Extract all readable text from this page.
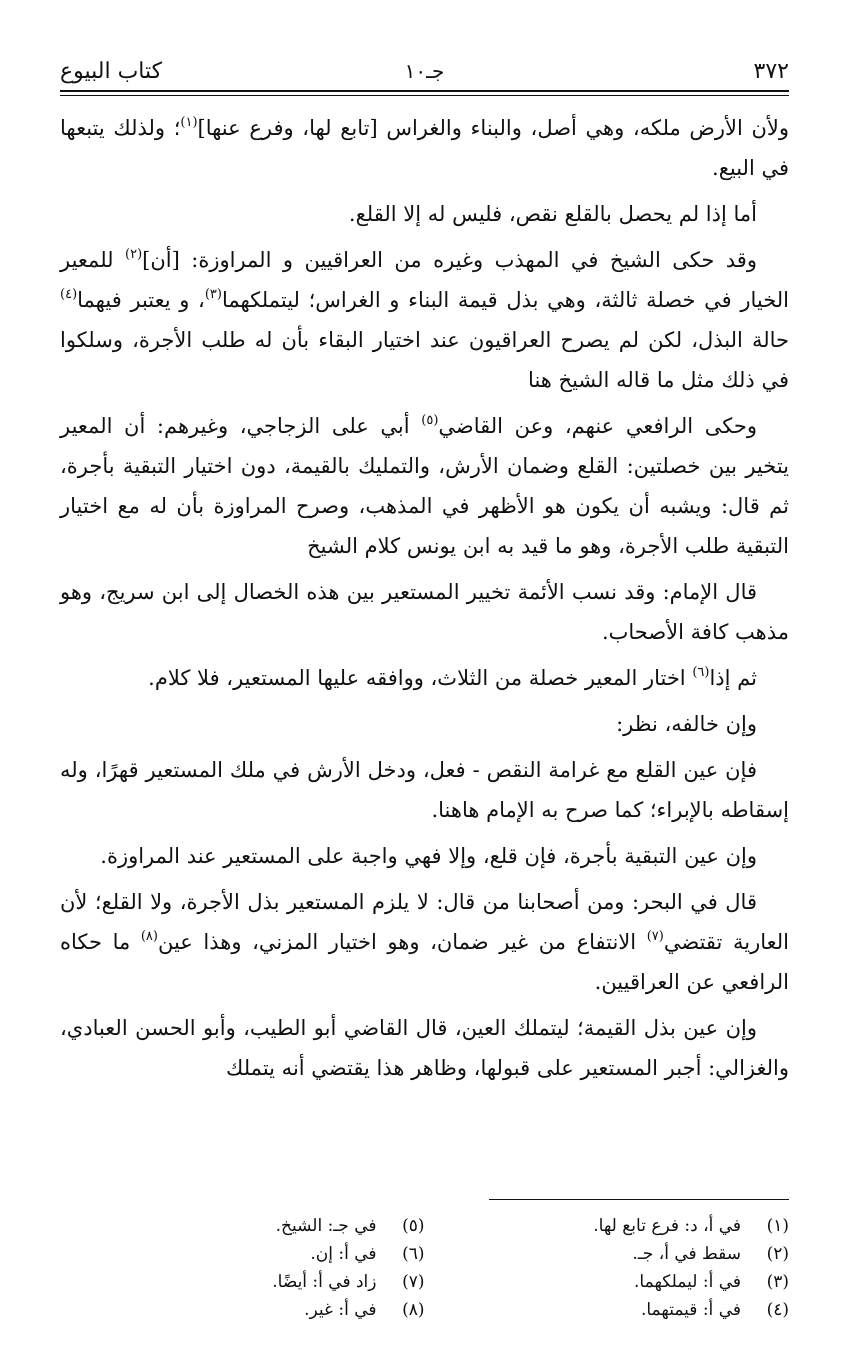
٣٧٢
جـ١٠
كتاب البيوع

ولأن الأرض ملكه، وهي أصل، والبناء والغراس [تابع لها، وفرع عنها]$^{(١)}$؛ ولذلك يتبعها في البيع.

أما إذا لم يحصل بالقلع نقص، فليس له إلا القلع.

وقد حكى الشيخ في المهذب وغيره من العراقيين و المراوزة: [أن]$^{(٢)}$ للمعير الخيار في خصلة ثالثة، وهي بذل قيمة البناء و الغراس؛ ليتملكهما$^{(٣)}$، و يعتبر فيهما$^{(٤)}$ حالة البذل، لكن لم يصرح العراقيون عند اختيار البقاء بأن له طلب الأجرة، وسلكوا في ذلك مثل ما قاله الشيخ هنا

وحكى الرافعي عنهم، وعن القاضي$^{(٥)}$ أبي على الزجاجي، وغيرهم: أن المعير يتخير بين خصلتين: القلع وضمان الأرش، والتمليك بالقيمة، دون اختيار التبقية بأجرة، ثم قال: ويشبه أن يكون هو الأظهر في المذهب، وصرح المراوزة بأن له مع اختيار التبقية طلب الأجرة، وهو ما قيد به ابن يونس كلام الشيخ

قال الإمام: وقد نسب الأئمة تخيير المستعير بين هذه الخصال إلى ابن سريج، وهو مذهب كافة الأصحاب.

ثم إذا$^{(٦)}$ اختار المعير خصلة من الثلاث، ووافقه عليها المستعير، فلا كلام.

وإن خالفه، نظر:

فإن عين القلع مع غرامة النقص - فعل، ودخل الأرش في ملك المستعير قهرًا، وله إسقاطه بالإبراء؛ كما صرح به الإمام هاهنا.

وإن عين التبقية بأجرة، فإن قلع، وإلا فهي واجبة على المستعير عند المراوزة.

قال في البحر: ومن أصحابنا من قال: لا يلزم المستعير بذل الأجرة، ولا القلع؛ لأن العارية تقتضي$^{(٧)}$ الانتفاع من غير ضمان، وهو اختيار المزني، وهذا عين$^{(٨)}$ ما حكاه الرافعي عن العراقيين.

وإن عين بذل القيمة؛ ليتملك العين، قال القاضي أبو الطيب، وأبو الحسن العبادي، والغزالي: أجبر المستعير على قبولها، وظاهر هذا يقتضي أنه يتملك

(١)
في أ، د: فرع تابع لها.
(٢)
سقط في أ، جـ.
(٣)
في أ: ليملكهما.
(٤)
في أ: قيمتهما.
(٥)
في جـ: الشيخ.
(٦)
في أ: إن.
(٧)
زاد في أ: أيضًا.
(٨)
في أ: غير.
